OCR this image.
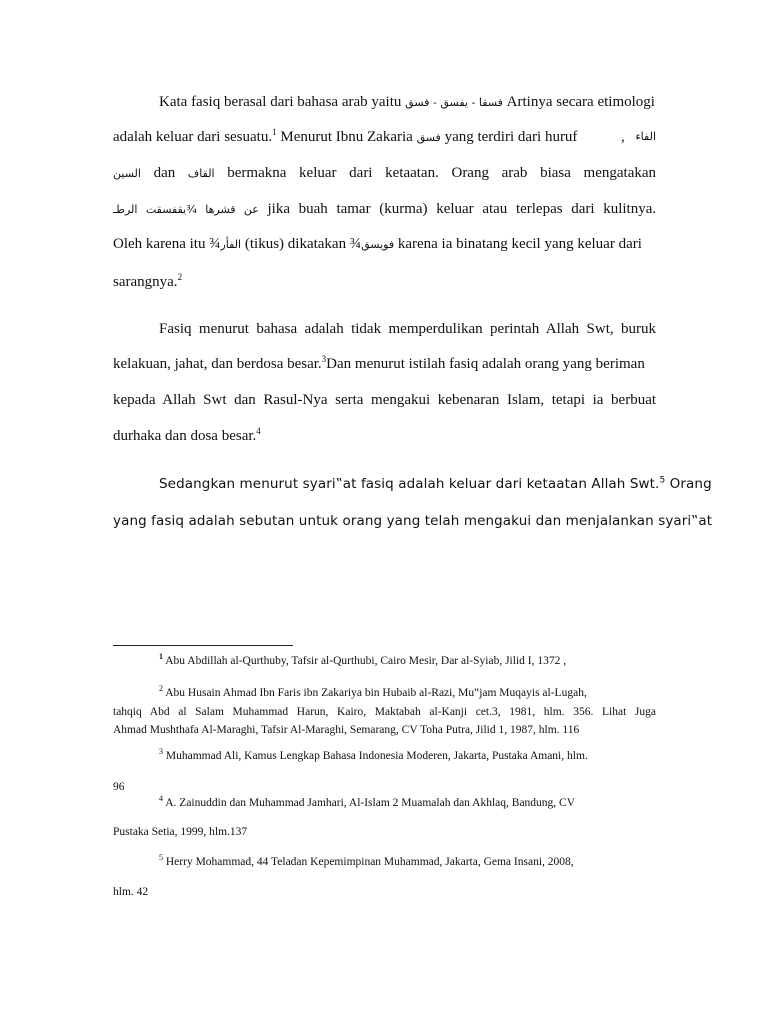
Kata fasiq berasal dari bahasa arab yaitu فسقا - يفسق - فسق Artinya secara etimologi
adalah keluar dari sesuatu.$^1$ Menurut Ibnu Zakaria فسق yang terdiri dari huruf	, الفاء
السين dan القاف bermakna keluar dari ketaatan. Orang arab biasa mengatakan
عن قشرها ¾يقفسقت الرطـ jika buah tamar (kurma) keluar atau terlepas dari kulitnya.
Oleh karena itu ¾الفأر (tikus) dikatakan ¾فويسق karena ia binatang kecil yang keluar dari
sarangnya.$^2$
Fasiq menurut bahasa adalah tidak memperdulikan perintah Allah Swt, buruk
kelakuan, jahat, dan berdosa besar.$^3$Dan menurut istilah fasiq adalah orang yang beriman
kepada Allah Swt dan Rasul-Nya serta mengakui kebenaran Islam, tetapi ia berbuat
durhaka dan dosa besar.$^4$
Sedangkan menurut syari‟at fasiq adalah keluar dari ketaatan Allah Swt.$^5$ Orang
yang fasiq adalah sebutan untuk orang yang telah mengakui dan menjalankan syari‟at
$^1$ Abu Abdillah al-Qurthuby, Tafsir al-Qurthubi, Cairo Mesir, Dar al-Syiab, Jilid I, 1372 ,
$^2$ Abu Husain Ahmad Ibn Faris ibn Zakariya bin Hubaib al-Razi, Mu‟jam Muqayis al-Lugah,
tahqiq Abd al Salam Muhammad Harun, Kairo, Maktabah al-Kanji cet.3, 1981, hlm. 356. Lihat Juga
Ahmad Mushthafa Al-Maraghi, Tafsir Al-Maraghi, Semarang, CV Toha Putra, Jilid 1, 1987, hlm. 116
$^3$ Muhammad Ali, Kamus Lengkap Bahasa Indonesia Moderen, Jakarta, Pustaka Amani, hlm.
96
$^4$ A. Zainuddin dan Muhammad Jamhari, Al-Islam 2 Muamalah dan Akhlaq, Bandung, CV
Pustaka Setia, 1999, hlm.137
$^5$ Herry Mohammad, 44 Teladan Kepemimpinan Muhammad, Jakarta, Gema Insani, 2008,
hlm. 42
